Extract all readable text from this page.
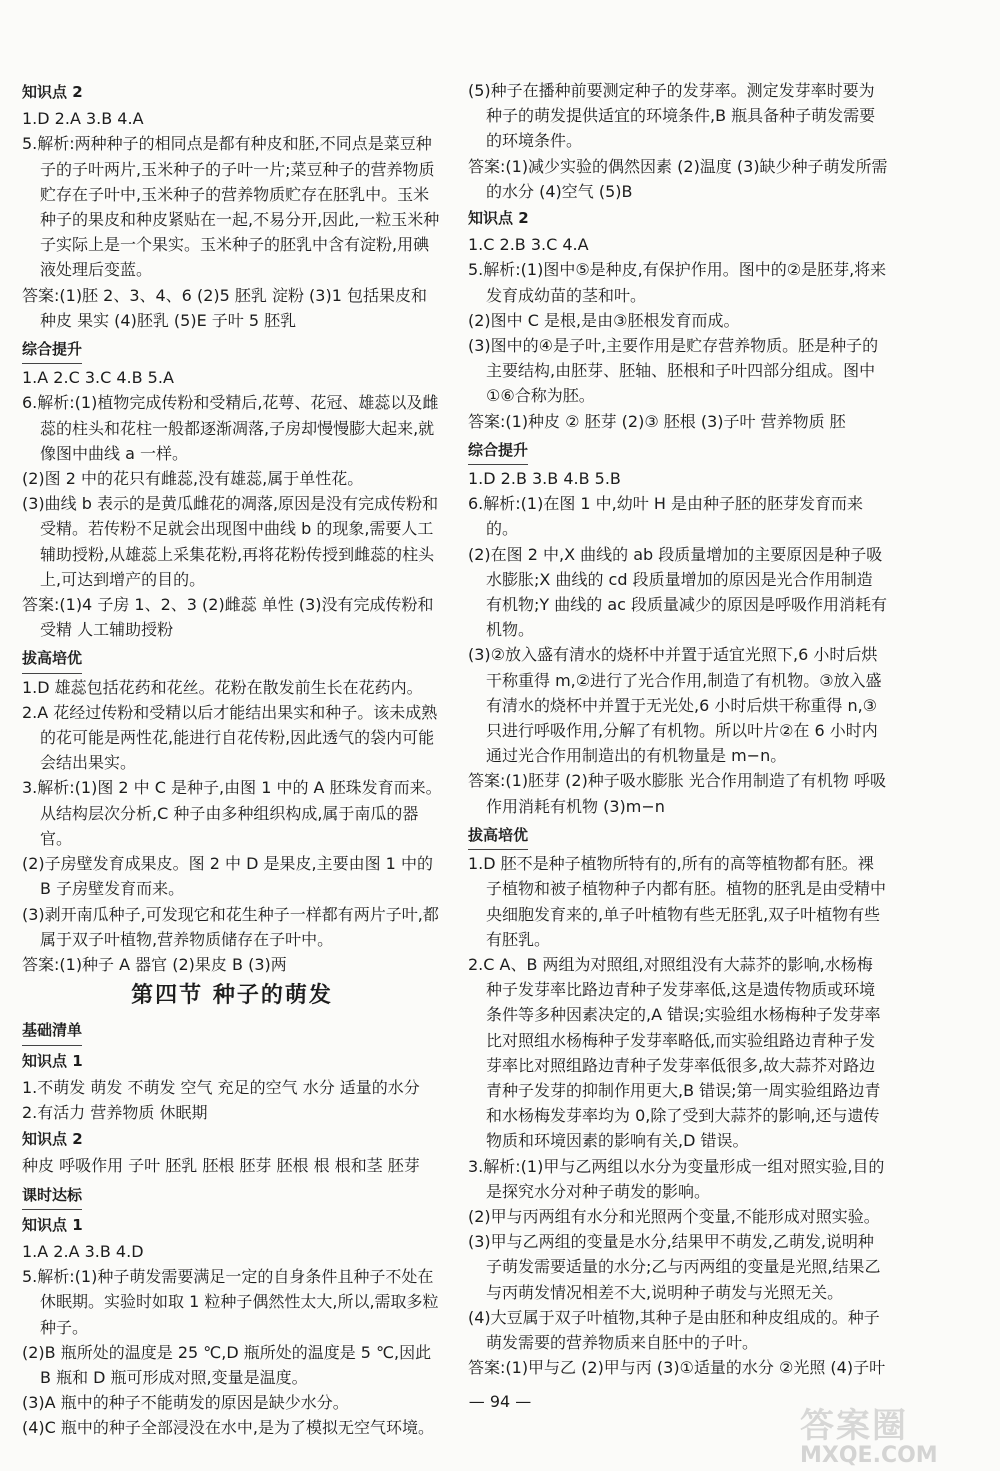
知识点 2
1.D 2.A 3.B 4.A
5.解析:两种种子的相同点是都有种皮和胚,不同点是菜豆种子的子叶两片,玉米种子的子叶一片;菜豆种子的营养物质贮存在子叶中,玉米种子的营养物质贮存在胚乳中。玉米种子的果皮和种皮紧贴在一起,不易分开,因此,一粒玉米种子实际上是一个果实。玉米种子的胚乳中含有淀粉,用碘液处理后变蓝。
答案:(1)胚 2、3、4、6 (2)5 胚乳 淀粉 (3)1 包括果皮和种皮 果实 (4)胚乳 (5)E 子叶 5 胚乳
综合提升
1.A 2.C 3.C 4.B 5.A
6.解析:(1)植物完成传粉和受精后,花萼、花冠、雄蕊以及雌蕊的柱头和花柱一般都逐渐凋落,子房却慢慢膨大起来,就像图中曲线 a 一样。
(2)图 2 中的花只有雌蕊,没有雄蕊,属于单性花。
(3)曲线 b 表示的是黄瓜雌花的凋落,原因是没有完成传粉和受精。若传粉不足就会出现图中曲线 b 的现象,需要人工辅助授粉,从雄蕊上采集花粉,再将花粉传授到雌蕊的柱头上,可达到增产的目的。
答案:(1)4 子房 1、2、3 (2)雌蕊 单性 (3)没有完成传粉和受精 人工辅助授粉
拔高培优
1.D 雄蕊包括花药和花丝。花粉在散发前生长在花药内。
2.A 花经过传粉和受精以后才能结出果实和种子。该未成熟的花可能是两性花,能进行自花传粉,因此透气的袋内可能会结出果实。
3.解析:(1)图 2 中 C 是种子,由图 1 中的 A 胚珠发育而来。从结构层次分析,C 种子由多种组织构成,属于南瓜的器官。
(2)子房壁发育成果皮。图 2 中 D 是果皮,主要由图 1 中的 B 子房壁发育而来。
(3)剥开南瓜种子,可发现它和花生种子一样都有两片子叶,都属于双子叶植物,营养物质储存在子叶中。
答案:(1)种子 A 器官 (2)果皮 B (3)两
第四节 种子的萌发
基础清单
知识点 1
1.不萌发 萌发 不萌发 空气 充足的空气 水分 适量的水分
2.有活力 营养物质 休眠期
知识点 2
种皮 呼吸作用 子叶 胚乳 胚根 胚芽 胚根 根 根和茎 胚芽
课时达标
知识点 1
1.A 2.A 3.B 4.D
5.解析:(1)种子萌发需要满足一定的自身条件且种子不处在休眠期。实验时如取 1 粒种子偶然性太大,所以,需取多粒种子。
(2)B 瓶所处的温度是 25 ℃,D 瓶所处的温度是 5 ℃,因此 B 瓶和 D 瓶可形成对照,变量是温度。
(3)A 瓶中的种子不能萌发的原因是缺少水分。
(4)C 瓶中的种子全部浸没在水中,是为了模拟无空气环境。
(5)种子在播种前要测定种子的发芽率。测定发芽率时要为种子的萌发提供适宜的环境条件,B 瓶具备种子萌发需要的环境条件。
答案:(1)减少实验的偶然因素 (2)温度 (3)缺少种子萌发所需的水分 (4)空气 (5)B
知识点 2
1.C 2.B 3.C 4.A
5.解析:(1)图中⑤是种皮,有保护作用。图中的②是胚芽,将来发育成幼苗的茎和叶。
(2)图中 C 是根,是由③胚根发育而成。
(3)图中的④是子叶,主要作用是贮存营养物质。胚是种子的主要结构,由胚芽、胚轴、胚根和子叶四部分组成。图中①⑥合称为胚。
答案:(1)种皮 ② 胚芽 (2)③ 胚根 (3)子叶 营养物质 胚
综合提升
1.D 2.B 3.B 4.B 5.B
6.解析:(1)在图 1 中,幼叶 H 是由种子胚的胚芽发育而来的。
(2)在图 2 中,X 曲线的 ab 段质量增加的主要原因是种子吸水膨胀;X 曲线的 cd 段质量增加的原因是光合作用制造有机物;Y 曲线的 ac 段质量减少的原因是呼吸作用消耗有机物。
(3)②放入盛有清水的烧杯中并置于适宜光照下,6 小时后烘干称重得 m,②进行了光合作用,制造了有机物。③放入盛有清水的烧杯中并置于无光处,6 小时后烘干称重得 n,③只进行呼吸作用,分解了有机物。所以叶片②在 6 小时内通过光合作用制造出的有机物量是 m−n。
答案:(1)胚芽 (2)种子吸水膨胀 光合作用制造了有机物 呼吸作用消耗有机物 (3)m−n
拔高培优
1.D 胚不是种子植物所特有的,所有的高等植物都有胚。裸子植物和被子植物种子内都有胚。植物的胚乳是由受精中央细胞发育来的,单子叶植物有些无胚乳,双子叶植物有些有胚乳。
2.C A、B 两组为对照组,对照组没有大蒜芥的影响,水杨梅种子发芽率比路边青种子发芽率低,这是遗传物质或环境条件等多种因素决定的,A 错误;实验组水杨梅种子发芽率比对照组水杨梅种子发芽率略低,而实验组路边青种子发芽率比对照组路边青种子发芽率低很多,故大蒜芥对路边青种子发芽的抑制作用更大,B 错误;第一周实验组路边青和水杨梅发芽率均为 0,除了受到大蒜芥的影响,还与遗传物质和环境因素的影响有关,D 错误。
3.解析:(1)甲与乙两组以水分为变量形成一组对照实验,目的是探究水分对种子萌发的影响。
(2)甲与丙两组有水分和光照两个变量,不能形成对照实验。
(3)甲与乙两组的变量是水分,结果甲不萌发,乙萌发,说明种子萌发需要适量的水分;乙与丙两组的变量是光照,结果乙与丙萌发情况相差不大,说明种子萌发与光照无关。
(4)大豆属于双子叶植物,其种子是由胚和种皮组成的。种子萌发需要的营养物质来自胚中的子叶。
答案:(1)甲与乙 (2)甲与丙 (3)①适量的水分 ②光照 (4)子叶
— 94 —
答案圈
MXQE.COM
